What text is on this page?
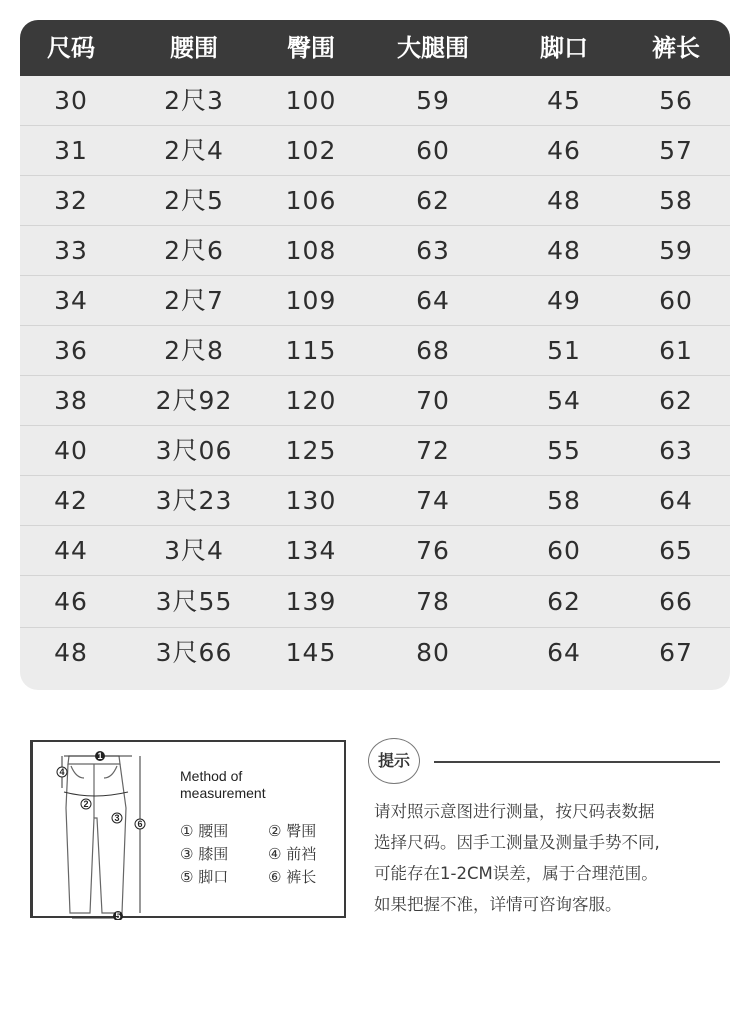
尺码	腰围	臀围	大腿围	脚口	裤长
30	2尺3	100	59	45	56
31	2尺4	102	60	46	57
32	2尺5	106	62	48	58
33	2尺6	108	63	48	59
34	2尺7	109	64	49	60
36	2尺8	115	68	51	61
38	2尺92	120	70	54	62
40	3尺06	125	72	55	63
42	3尺23	130	74	58	64
44	3尺4	134	76	60	65
46	3尺55	139	78	62	66
48	3尺66	145	80	64	67
1
2
3
4
5
6
Method of
measurement
① 腰围	② 臀围
③ 膝围	④ 前裆
⑤ 脚口	⑥ 裤长
提示
请对照示意图进行测量，按尺码表数据
选择尺码。因手工测量及测量手势不同,
可能存在1-2CM误差，属于合理范围。
如果把握不准，详情可咨询客服。
